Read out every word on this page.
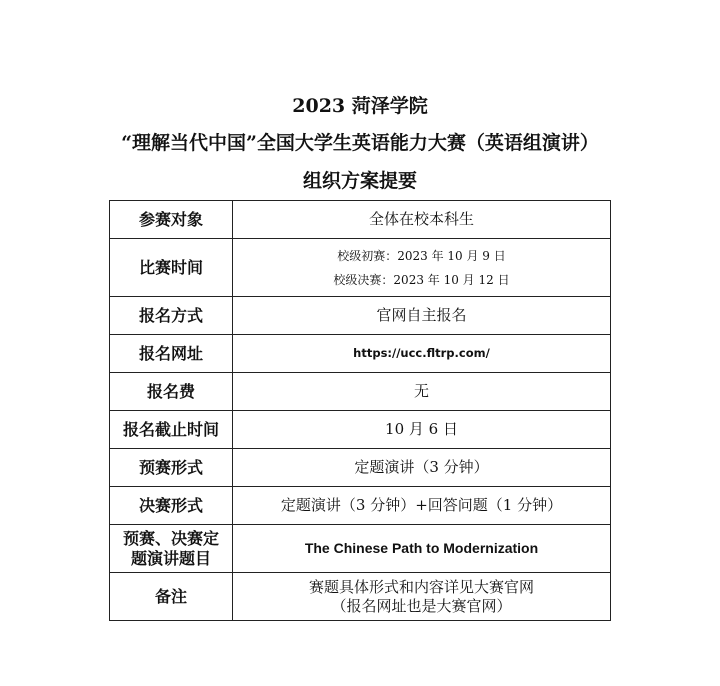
2023 菏泽学院
“理解当代中国”全国大学生英语能力大赛（英语组演讲）
组织方案提要
参赛对象	全体在校本科生
比赛时间	校级初赛：2023 年 10 月 9 日
校级决赛：2023 年 10 月 12 日

报名方式	官网自主报名
报名网址	https://ucc.fltrp.com/
报名费	无
报名截止时间	10 月 6 日
预赛形式	定题演讲（3 分钟）
决赛形式	定题演讲（3 分钟）+回答问题（1 分钟）

预赛、决赛定
题演讲题目	The Chinese Path to Modernization
备注	赛题具体形式和内容详见大赛官网
（报名网址也是大赛官网）
